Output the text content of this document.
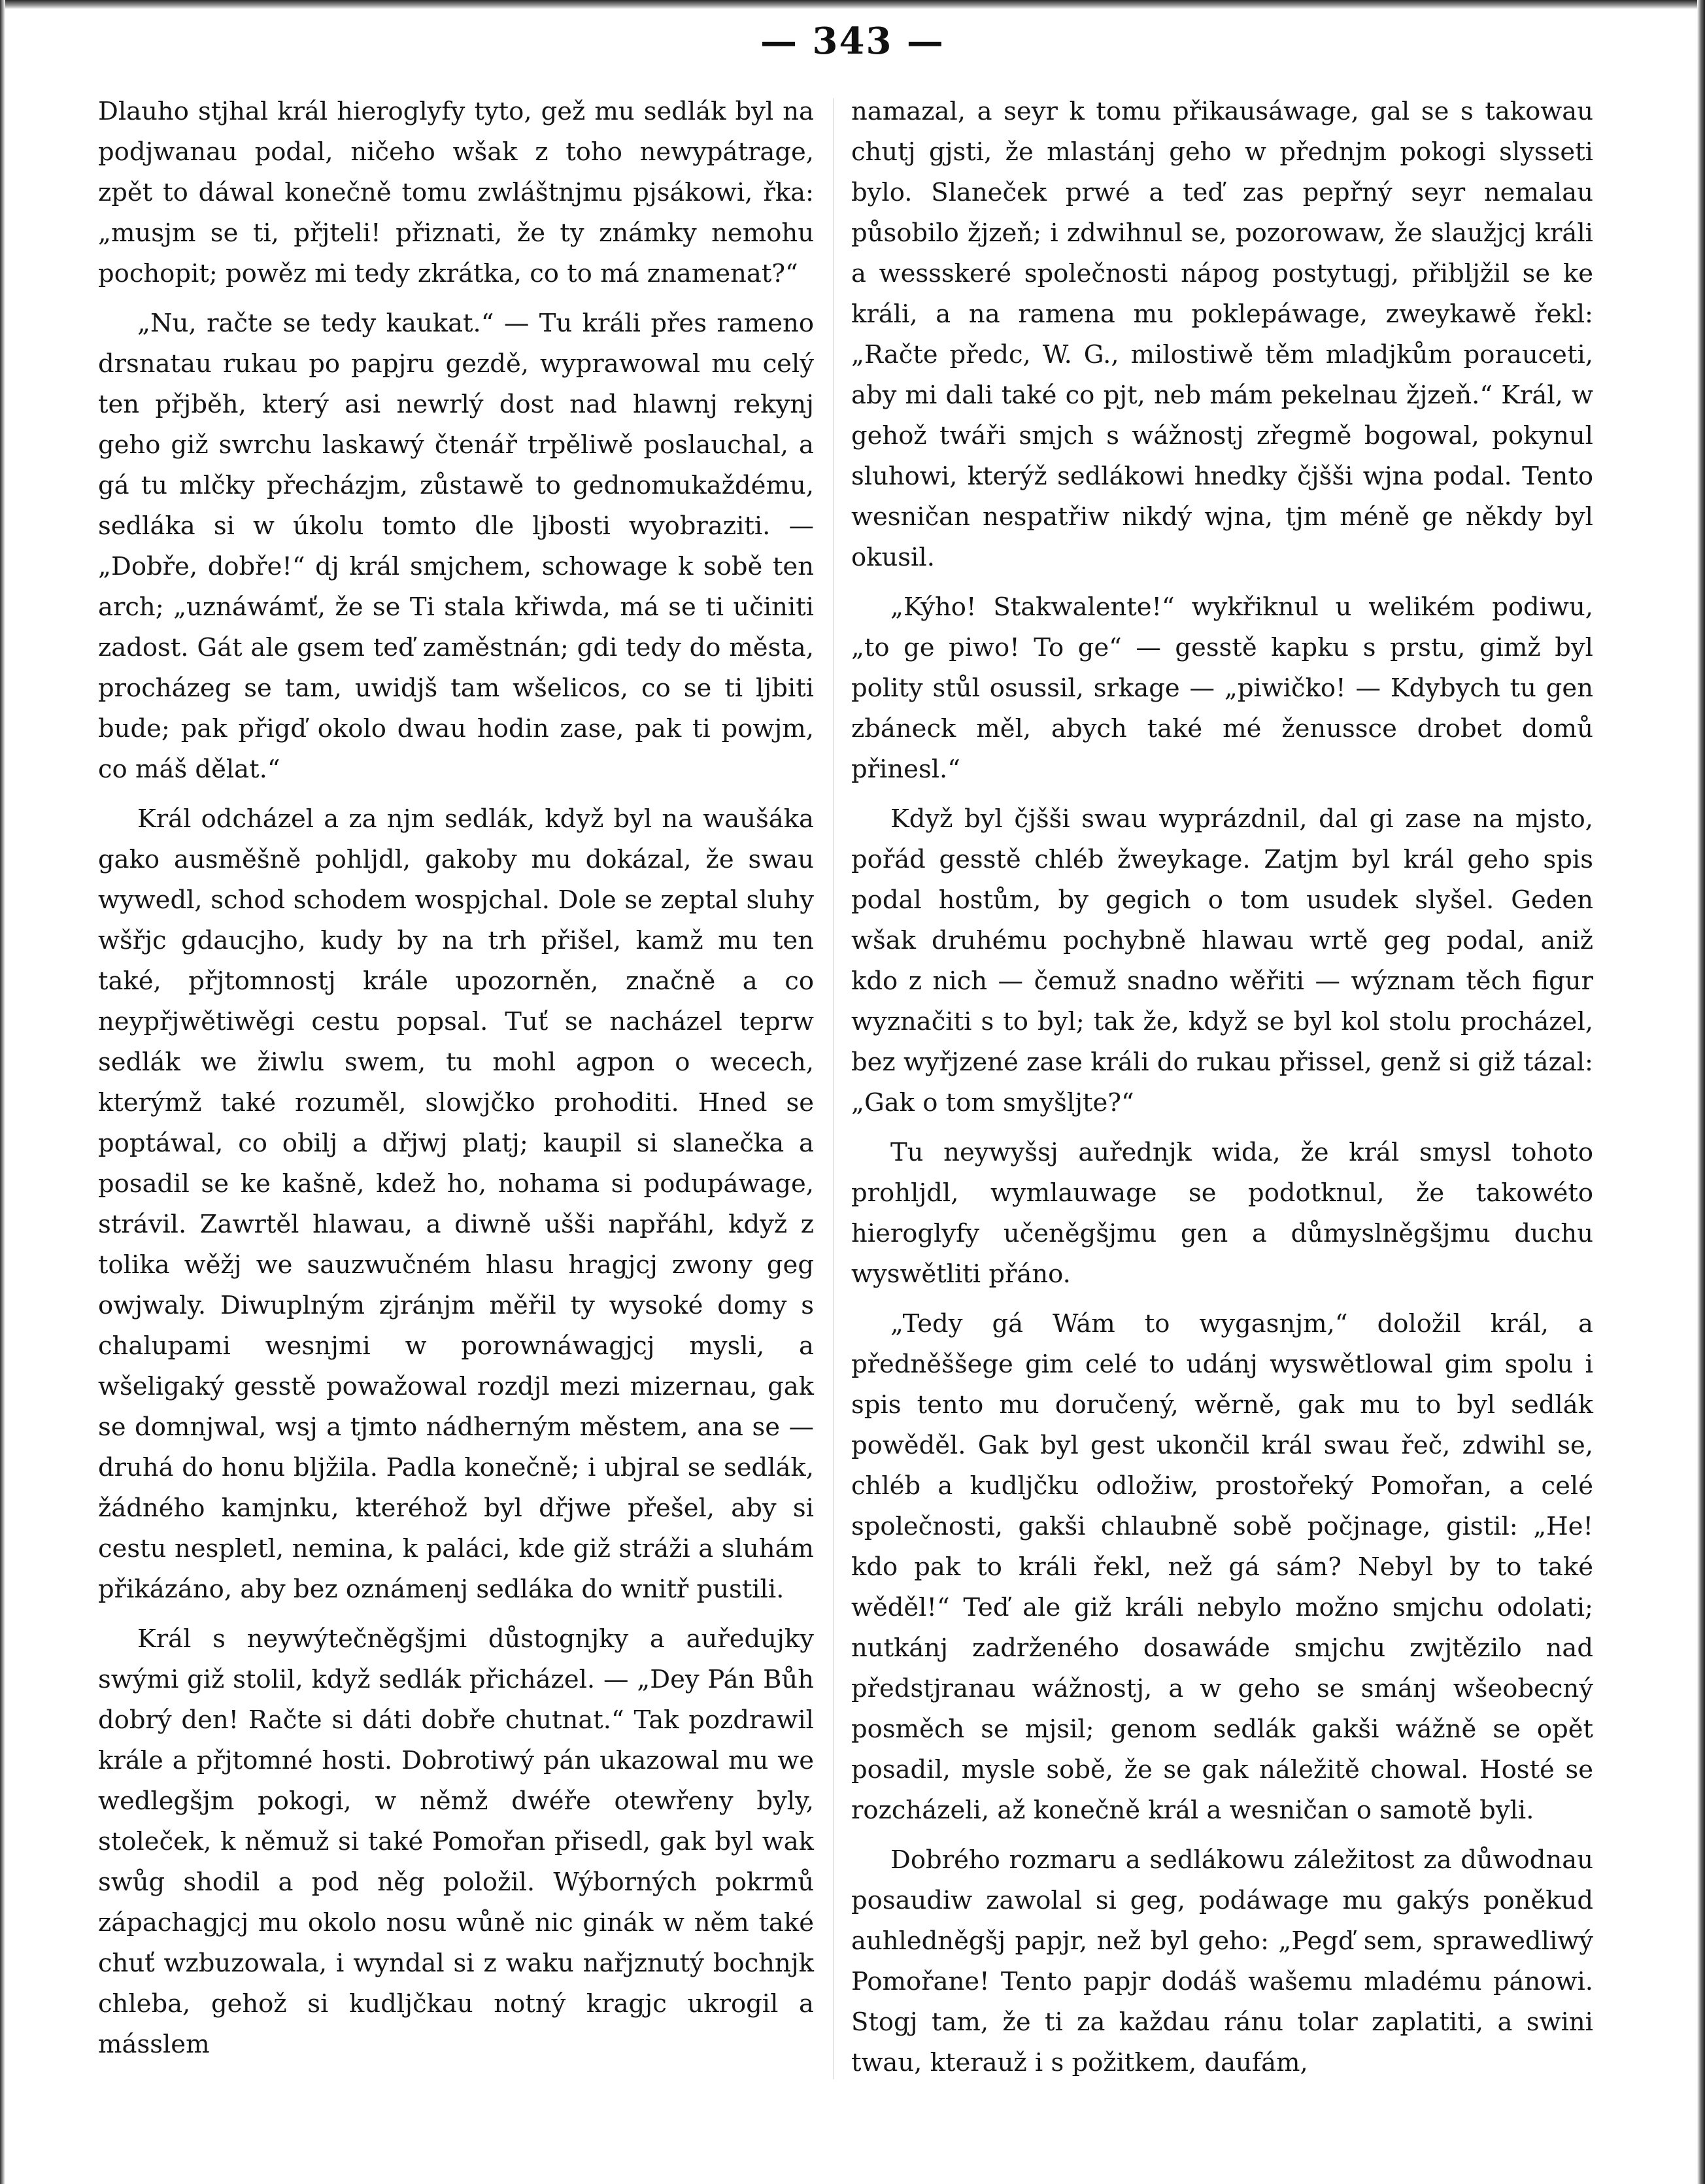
— 343 —

Dlauho stjhal král hieroglyfy tyto, gež mu sedlák byl na podjwanau podal, ničeho wšak z toho newypátrage, zpět to dáwal konečně tomu zwláštnjmu pjsákowi, řka: „musjm se ti, přjteli! přiznati, že ty známky nemohu pochopit; powěz mi tedy zkrátka, co to má znamenat?“

„Nu, račte se tedy kaukat.“ — Tu králi přes rameno drsnatau rukau po papjru gezdě, wyprawowal mu celý ten přjběh, který asi newrlý dost nad hlawnj rekynj geho giž swrchu laskawý čtenář trpěliwě poslauchal, a gá tu mlčky přecházjm, zůstawě to gednomukaždému, sedláka si w úkolu tomto dle ljbosti wyobraziti. — „Dobře, dobře!“ dj král smjchem, schowage k sobě ten arch; „uznáwámť, že se Ti stala křiwda, má se ti učiniti zadost. Gát ale gsem teď zaměstnán; gdi tedy do města, procházeg se tam, uwidjš tam wšelicos, co se ti ljbiti bude; pak přigď okolo dwau hodin zase, pak ti powjm, co máš dělat.“

Král odcházel a za njm sedlák, když byl na waušáka gako ausměšně pohljdl, gakoby mu dokázal, že swau wywedl, schod schodem wospjchal. Dole se zeptal sluhy wšřjc gdaucjho, kudy by na trh přišel, kamž mu ten také, přjtomnostj krále upozorněn, značně a co neypřjwětiwěgi cestu popsal. Tuť se nacházel teprw sedlák we žiwlu swem, tu mohl agpon o wecech, kterýmž také rozuměl, slowjčko prohoditi. Hned se poptáwal, co obilj a dřjwj platj; kaupil si slanečka a posadil se ke kašně, kdež ho, nohama si podupáwage, strávil. Zawrtěl hlawau, a diwně ušši napřáhl, když z tolika wěžj we sauzwučném hlasu hragjcj zwony geg owjwaly. Diwuplným zjránjm měřil ty wysoké domy s chalupami wesnjmi w porownáwagjcj mysli, a wšeligaký gesstě powažowal rozdjl mezi mizernau, gak se domnjwal, wsj a tjmto nádherným městem, ana se — druhá do honu bljžila. Padla konečně; i ubjral se sedlák, žádného kamjnku, kteréhož byl dřjwe přešel, aby si cestu nespletl, nemina, k paláci, kde giž stráži a sluhám přikázáno, aby bez oznámenj sedláka do wnitř pustili.

Král s neywýtečněgšjmi důstognjky a auředujky swými giž stolil, když sedlák přicházel. — „Dey Pán Bůh dobrý den! Račte si dáti dobře chutnat.“ Tak pozdrawil krále a přjtomné hosti. Dobrotiwý pán ukazowal mu we wedlegšjm pokogi, w němž dwéře otewřeny byly, stoleček, k němuž si také Pomořan přisedl, gak byl wak swůg shodil a pod něg položil. Wýborných pokrmů zápachagjcj mu okolo nosu wůně nic ginák w něm také chuť wzbuzowala, i wyndal si z waku nařjznutý bochnjk chleba, gehož si kudljčkau notný kragjc ukrogil a másslem

namazal, a seyr k tomu přikausáwage, gal se s takowau chutj gjsti, že mlastánj geho w přednjm pokogi slysseti bylo. Slaneček prwé a teď zas pepřný seyr nemalau působilo žjzeň; i zdwihnul se, pozorowaw, že slaužjcj králi a wessskeré společnosti nápog postytugj, přibljžil se ke králi, a na ramena mu poklepáwage, zweykawě řekl: „Račte předc, W. G., milostiwě těm mladjkům porauceti, aby mi dali také co pjt, neb mám pekelnau žjzeň.“ Král, w gehož twáři smjch s wážnostj zřegmě bogowal, pokynul sluhowi, kterýž sedlákowi hnedky čjšši wjna podal. Tento wesničan nespatřiw nikdý wjna, tjm méně ge někdy byl okusil.

„Kýho! Stakwalente!“ wykřiknul u welikém podiwu, „to ge piwo! To ge“ — gesstě kapku s prstu, gimž byl polity stůl osussil, srkage — „piwičko! — Kdybych tu gen zbáneck měl, abych také mé ženussce drobet domů přinesl.“

Když byl čjšši swau wyprázdnil, dal gi zase na mjsto, pořád gesstě chléb žweykage. Zatjm byl král geho spis podal hostům, by gegich o tom usudek slyšel. Geden wšak druhému pochybně hlawau wrtě geg podal, aniž kdo z nich — čemuž snadno wěřiti — wýznam těch figur wyznačiti s to byl; tak že, když se byl kol stolu procházel, bez wyřjzené zase králi do rukau přissel, genž si giž tázal: „Gak o tom smyšljte?“

Tu neywyšsj auřednjk wida, že král smysl tohoto prohljdl, wymlauwage se podotknul, že takowéto hieroglyfy učeněgšjmu gen a důmyslněgšjmu duchu wyswětliti přáno.

„Tedy gá Wám to wygasnjm,“ doložil král, a předněššege gim celé to udánj wyswětlowal gim spolu i spis tento mu doručený, wěrně, gak mu to byl sedlák powěděl. Gak byl gest ukončil král swau řeč, zdwihl se, chléb a kudljčku odložiw, prostořeký Pomořan, a celé společnosti, gakši chlaubně sobě počjnage, gistil: „He! kdo pak to králi řekl, než gá sám? Nebyl by to také wěděl!“ Teď ale giž králi nebylo možno smjchu odolati; nutkánj zadrženého dosawáde smjchu zwjtězilo nad předstjranau wážnostj, a w geho se smánj wšeobecný posměch se mjsil; genom sedlák gakši wážně se opět posadil, mysle sobě, že se gak náležitě chowal. Hosté se rozcházeli, až konečně král a wesničan o samotě byli.

Dobrého rozmaru a sedlákowu záležitost za důwodnau posaudiw zawolal si geg, podáwage mu gakýs poněkud auhledněgšj papjr, než byl geho: „Pegď sem, sprawedliwý Pomořane! Tento papjr dodáš wašemu mladému pánowi. Stogj tam, že ti za každau ránu tolar zaplatiti, a swini twau, kterauž i s požitkem, daufám,
